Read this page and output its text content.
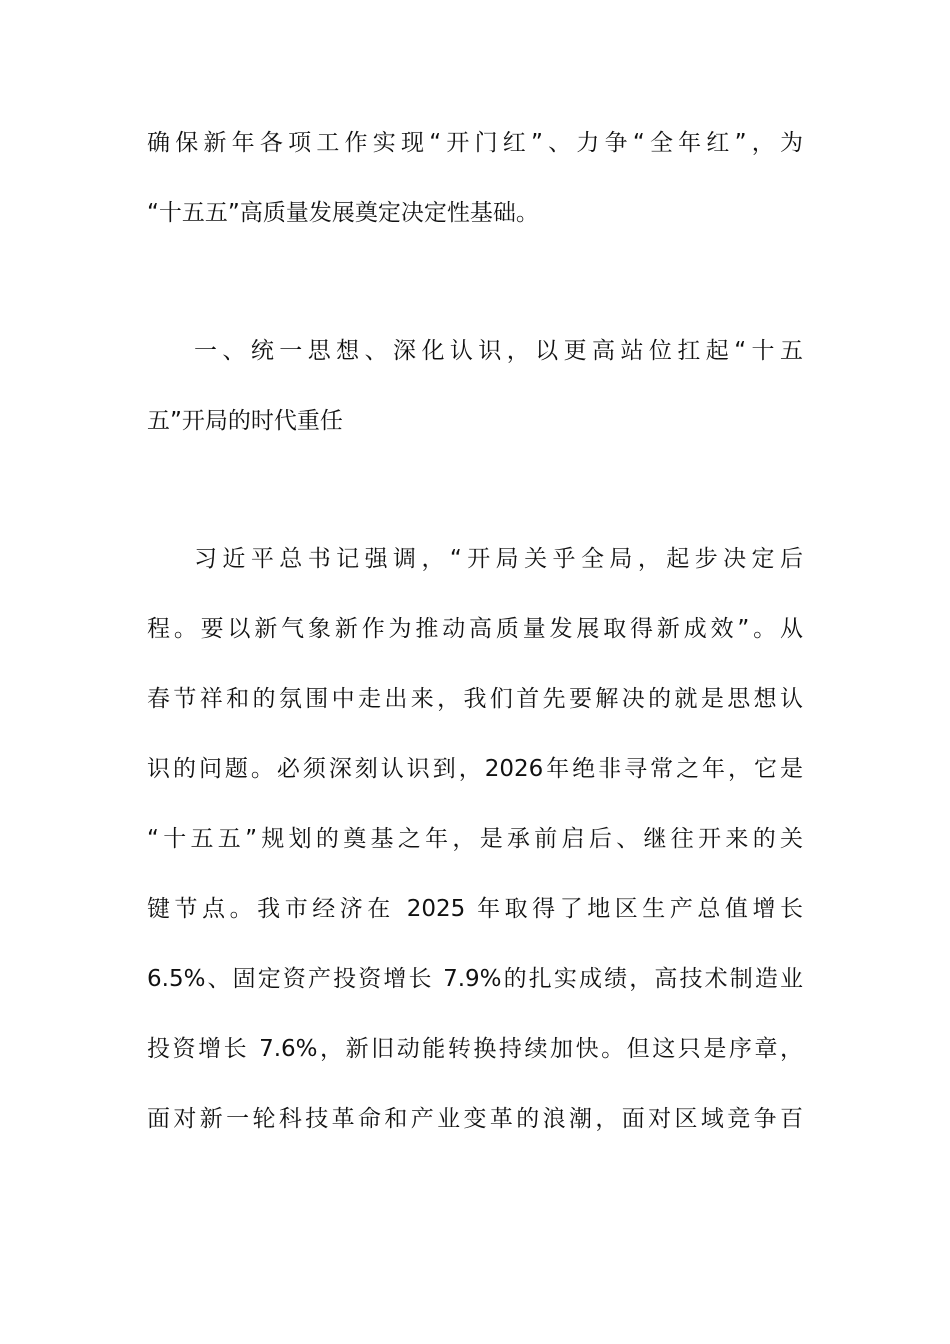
确保新年各项工作实现“开门红”、力争“全年红”，为
“十五五”高质量发展奠定决定性基础。
一、统一思想、深化认识，以更高站位扛起“十五
五”开局的时代重任
习近平总书记强调，“开局关乎全局，起步决定后
程。要以新气象新作为推动高质量发展取得新成效”。从
春节祥和的氛围中走出来，我们首先要解决的就是思想认
识的问题。必须深刻认识到，2026年绝非寻常之年，它是
“十五五”规划的奠基之年，是承前启后、继往开来的关
键节点。我市经济在 2025 年取得了地区生产总值增长
6.5%、固定资产投资增长 7.9%的扎实成绩，高技术制造业
投资增长 7.6%，新旧动能转换持续加快。但这只是序章，
面对新一轮科技革命和产业变革的浪潮，面对区域竞争百
